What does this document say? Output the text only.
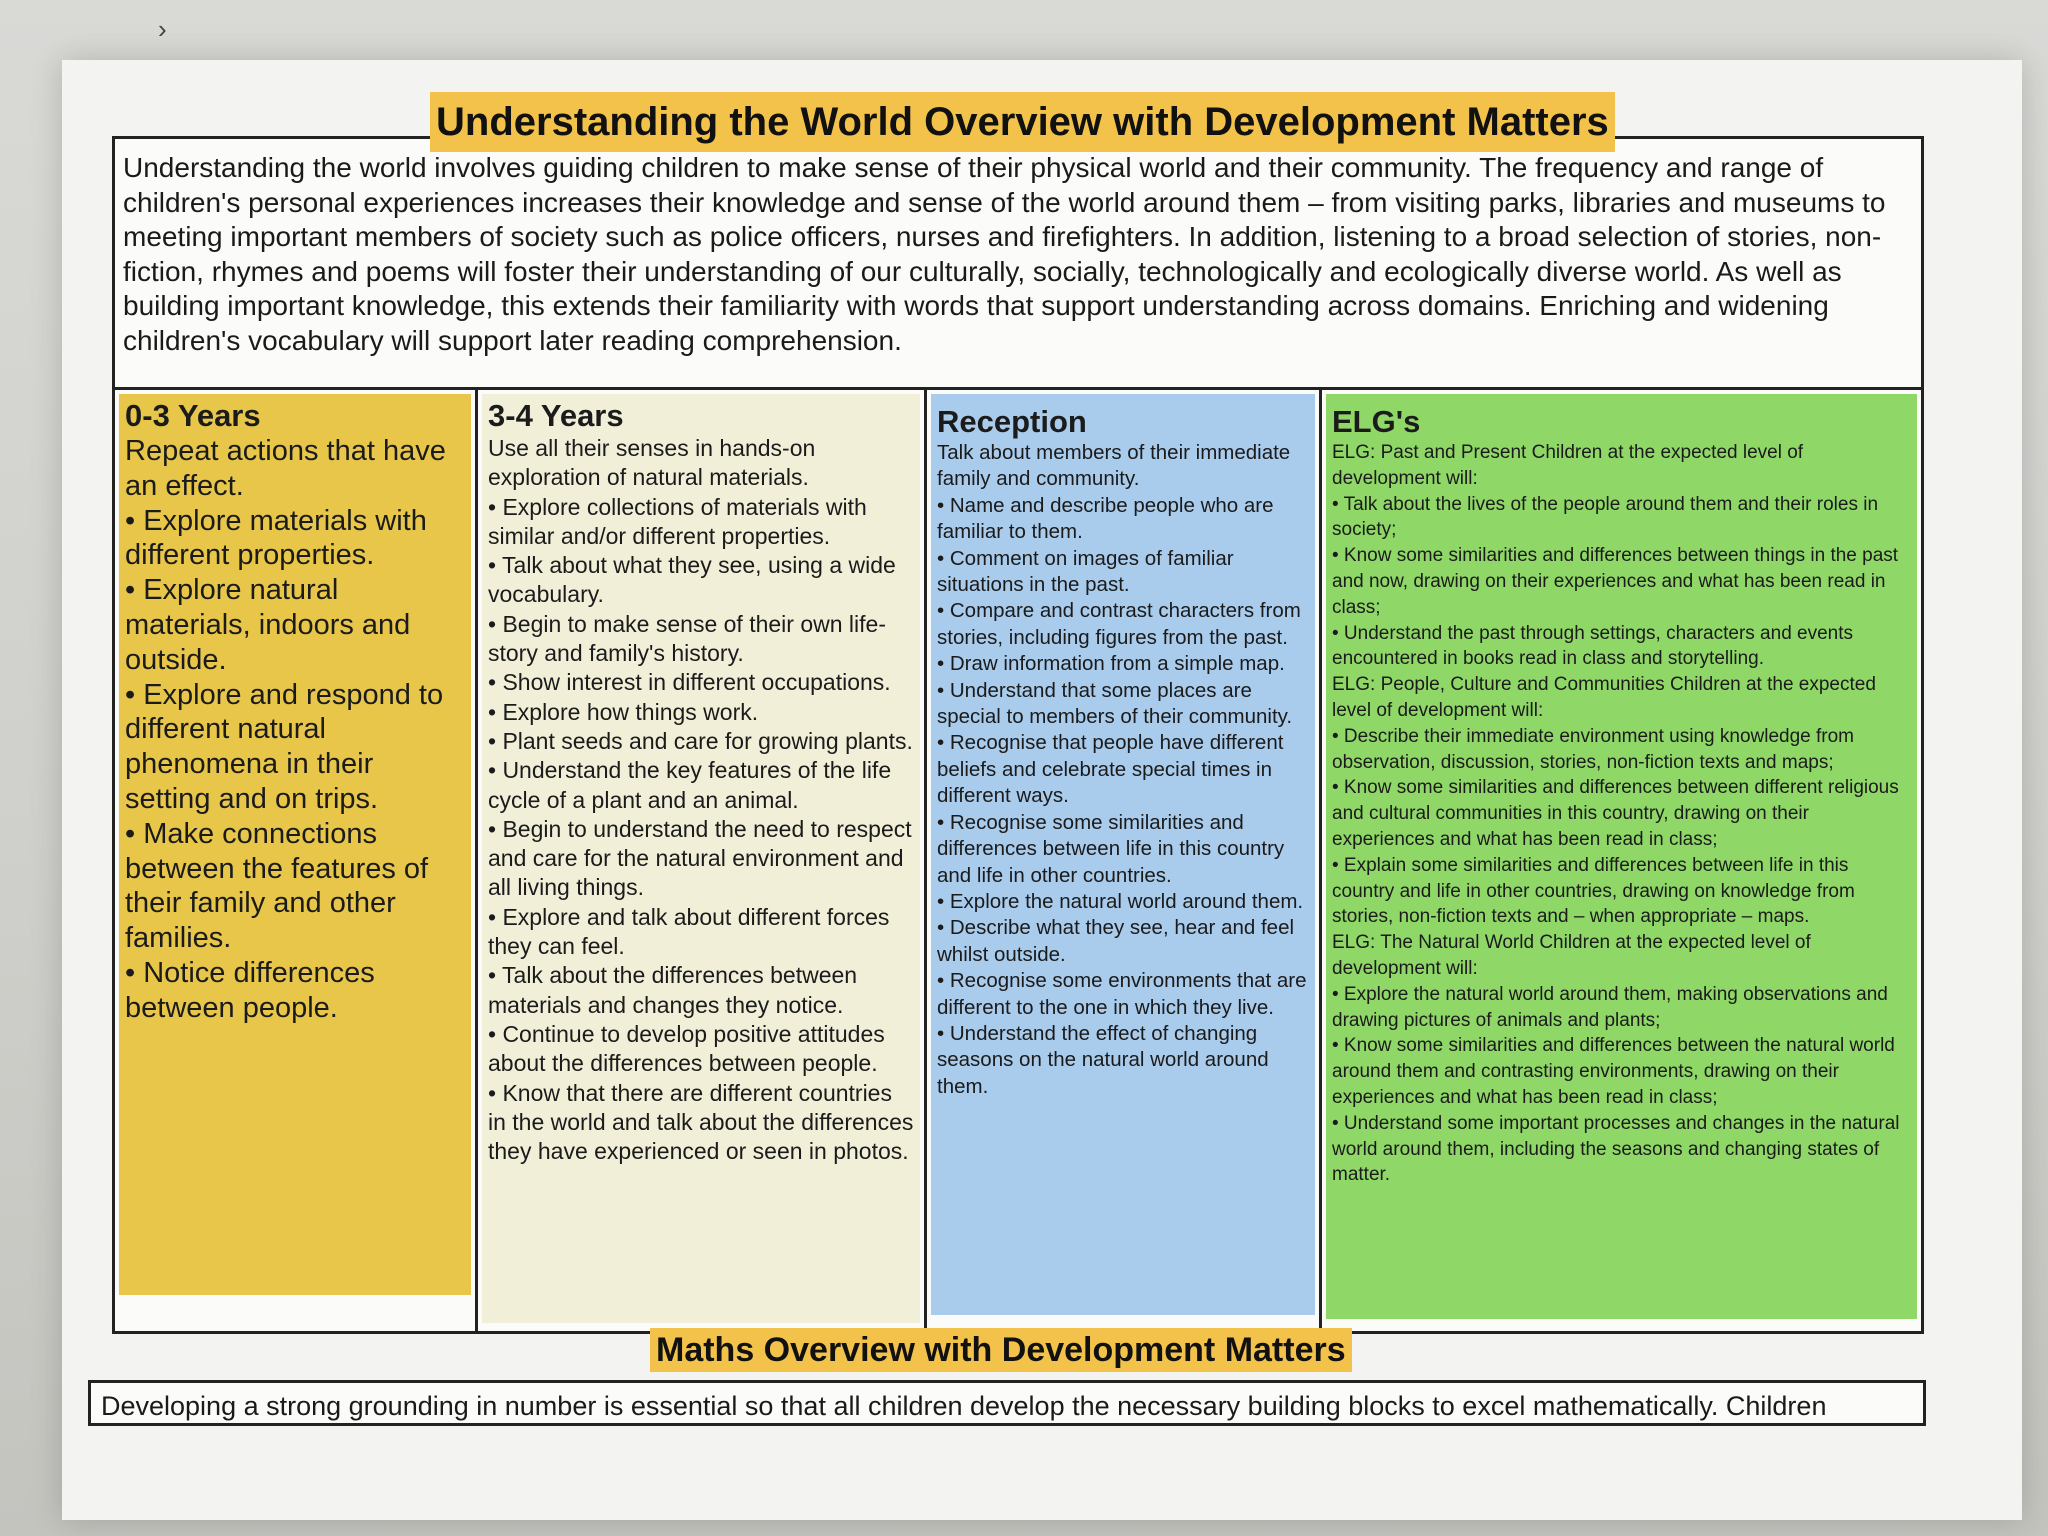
›
Understanding the world involves guiding children to make sense of their physical world and their community. The frequency and range of children's personal experiences increases their knowledge and sense of the world around them – from visiting parks, libraries and museums to meeting important members of society such as police officers, nurses and firefighters. In addition, listening to a broad selection of stories, non-fiction, rhymes and poems will foster their understanding of our culturally, socially, technologically and ecologically diverse world. As well as building important knowledge, this extends their familiarity with words that support understanding across domains. Enriching and widening children's vocabulary will support later reading comprehension.
0-3 Years

Repeat actions that have an effect.

• Explore materials with different properties.

• Explore natural materials, indoors and outside.

• Explore and respond to different natural phenomena in their setting and on trips.

• Make connections between the features of their family and other families.

• Notice differences between people.

3-4 Years

Use all their senses in hands-on exploration of natural materials.

• Explore collections of materials with similar and/or different properties.

• Talk about what they see, using a wide vocabulary.

• Begin to make sense of their own life-story and family's history.

• Show interest in different occupations.

• Explore how things work.

• Plant seeds and care for growing plants.

• Understand the key features of the life cycle of a plant and an animal.

• Begin to understand the need to respect and care for the natural environment and all living things.

• Explore and talk about different forces they can feel.

• Talk about the differences between materials and changes they notice.

• Continue to develop positive attitudes about the differences between people.

• Know that there are different countries in the world and talk about the differences they have experienced or seen in photos.

Reception

Talk about members of their immediate family and community.

• Name and describe people who are familiar to them.

• Comment on images of familiar situations in the past.

• Compare and contrast characters from stories, including figures from the past.

• Draw information from a simple map.

• Understand that some places are special to members of their community.

• Recognise that people have different beliefs and celebrate special times in different ways.

• Recognise some similarities and differences between life in this country and life in other countries.

• Explore the natural world around them.

• Describe what they see, hear and feel whilst outside.

• Recognise some environments that are different to the one in which they live.

• Understand the effect of changing seasons on the natural world around them.

ELG's

ELG: Past and Present Children at the expected level of development will:

• Talk about the lives of the people around them and their roles in society;

• Know some similarities and differences between things in the past and now, drawing on their experiences and what has been read in class;

• Understand the past through settings, characters and events encountered in books read in class and storytelling.

ELG: People, Culture and Communities Children at the expected level of development will:

• Describe their immediate environment using knowledge from observation, discussion, stories, non-fiction texts and maps;

• Know some similarities and differences between different religious and cultural communities in this country, drawing on their experiences and what has been read in class;

• Explain some similarities and differences between life in this country and life in other countries, drawing on knowledge from stories, non-fiction texts and – when appropriate – maps.

ELG: The Natural World Children at the expected level of development will:

• Explore the natural world around them, making observations and drawing pictures of animals and plants;

• Know some similarities and differences between the natural world around them and contrasting environments, drawing on their experiences and what has been read in class;

• Understand some important processes and changes in the natural world around them, including the seasons and changing states of matter.

Understanding the World Overview with Development Matters
Maths Overview with Development Matters
Developing a strong grounding in number is essential so that all children develop the necessary building blocks to excel mathematically. Children
